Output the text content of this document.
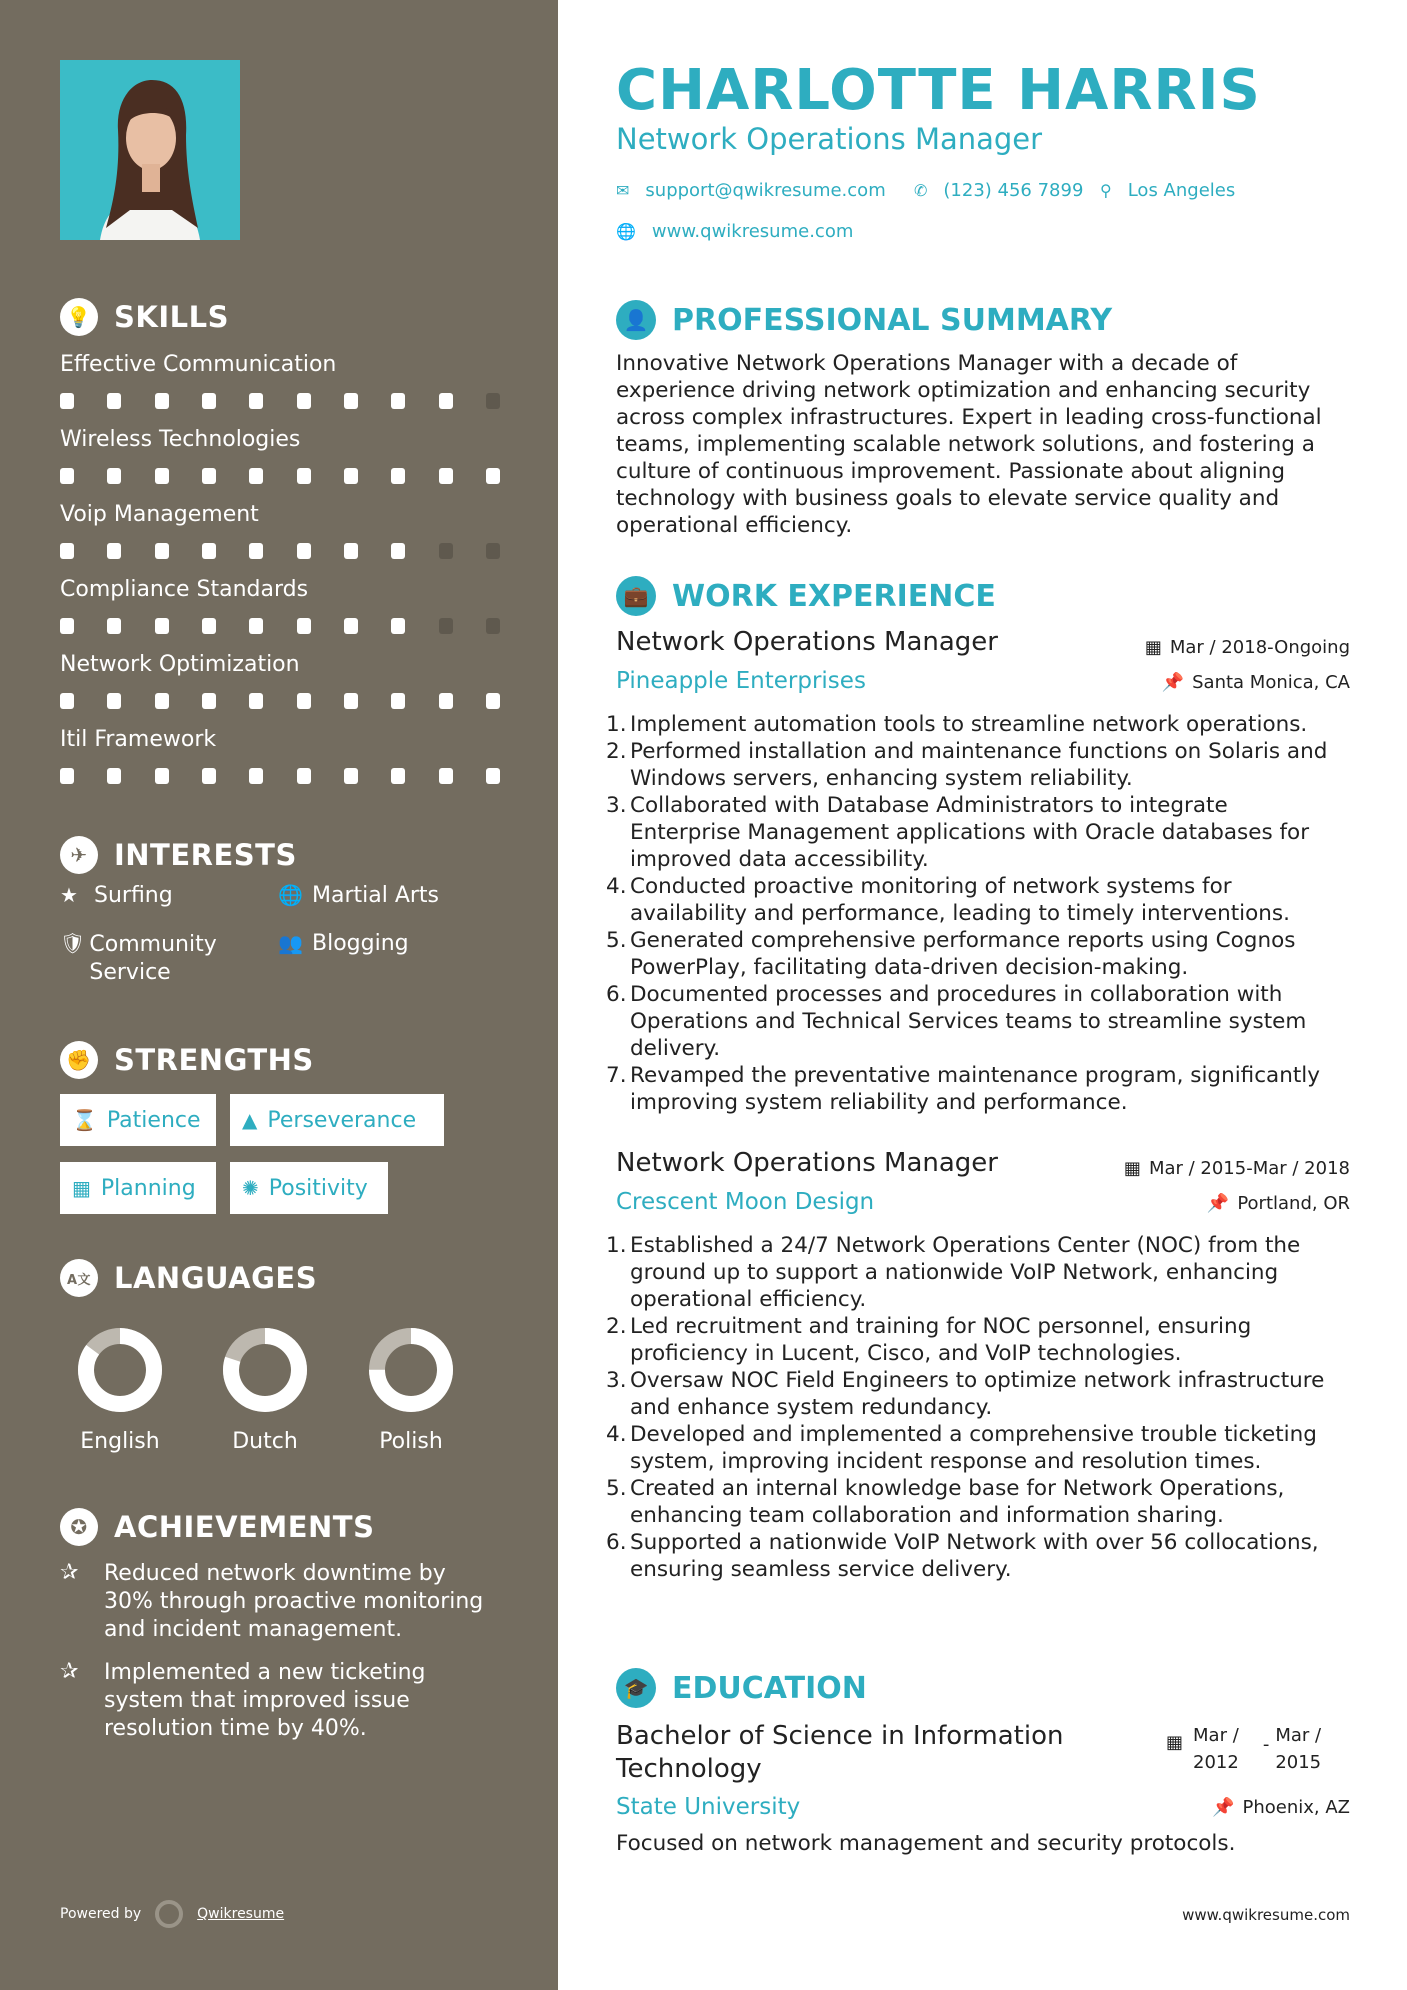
💡 SKILLS
Effective Communication
Wireless Technologies
Voip Management
Compliance Standards
Network Optimization
Itil Framework
✈ INTERESTS
★ Surfing	🌐 Martial Arts
🛡 Community Service
👥 Blogging
✊ STRENGTHS
⌛ Patience ▲ Perseverance
▦ Planning ✺ Positivity
A文 LANGUAGES
English	Dutch	Polish
✪ ACHIEVEMENTS
✰	Reduced network downtime by 30% through proactive monitoring and incident management.
✰	Implemented a new ticketing system that improved issue resolution time by 40%.
Powered by	Qwikresume
CHARLOTTE HARRIS
Network Operations Manager
✉ support@qwikresume.com ✆ (123) 456 7899 ⚲ Los Angeles
🌐 www.qwikresume.com
👤 PROFESSIONAL SUMMARY
Innovative Network Operations Manager with a decade of experience driving network optimization and enhancing security across complex infrastructures. Expert in leading cross-functional teams, implementing scalable network solutions, and fostering a culture of continuous improvement. Passionate about aligning technology with business goals to elevate service quality and operational efficiency.
💼 WORK EXPERIENCE
Network Operations Manager	▦ Mar / 2018-Ongoing
Pineapple Enterprises	📌 Santa Monica, CA
1 . Implement automation tools to streamline network operations.
2 . Performed installation and maintenance functions on Solaris and Windows servers, enhancing system reliability.
3 . Collaborated with Database Administrators to integrate Enterprise Management applications with Oracle databases for improved data accessibility.
4 . Conducted proactive monitoring of network systems for availability and performance, leading to timely interventions.
5 . Generated comprehensive performance reports using Cognos PowerPlay, facilitating data-driven decision-making.
6 . Documented processes and procedures in collaboration with Operations and Technical Services teams to streamline system delivery.
7 . Revamped the preventative maintenance program, significantly improving system reliability and performance.
Network Operations Manager	▦ Mar / 2015-Mar / 2018
Crescent Moon Design	📌 Portland, OR
1 . Established a 24/7 Network Operations Center (NOC) from the ground up to support a nationwide VoIP Network, enhancing operational efficiency.
2 . Led recruitment and training for NOC personnel, ensuring proficiency in Lucent, Cisco, and VoIP technologies.
3 . Oversaw NOC Field Engineers to optimize network infrastructure and enhance system redundancy.
4 . Developed and implemented a comprehensive trouble ticketing system, improving incident response and resolution times.
5 . Created an internal knowledge base for Network Operations, enhancing team collaboration and information sharing.
6 . Supported a nationwide VoIP Network with over 56 collocations, ensuring seamless service delivery.
🎓 EDUCATION
Bachelor of Science in Information
Technology
▦ Mar /
2012
- Mar /
2015
State University	📌 Phoenix, AZ
Focused on network management and security protocols.
www.qwikresume.com
